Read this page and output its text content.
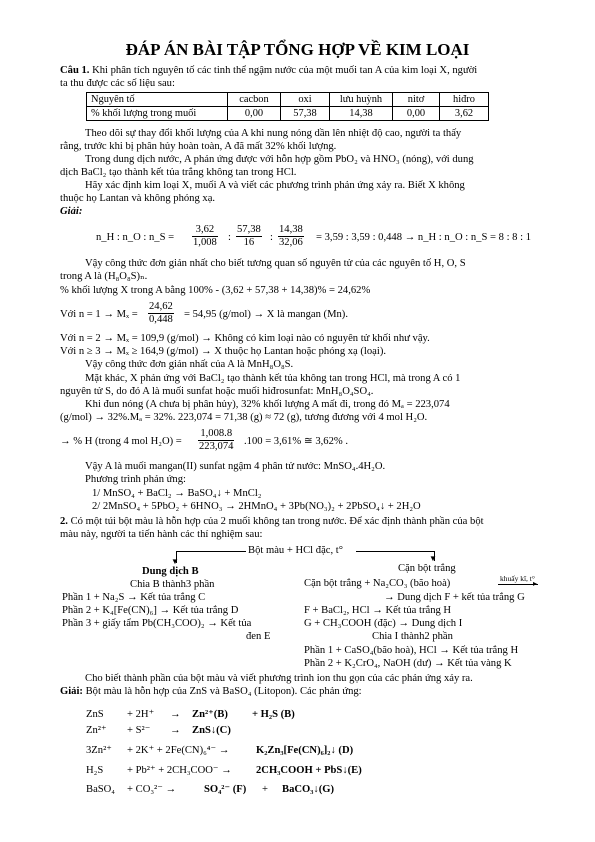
ĐÁP ÁN BÀI TẬP TỔNG HỢP VỀ KIM LOẠI
Câu 1. Khi phân tích nguyên tố các tinh thể ngậm nước của một muối tan A của kim loại X, người
ta thu được các số liệu sau:
Nguyên tố	cacbon	oxi	lưu huỳnh	nitơ	hiđro
% khối lượng trong muối	0,00	57,38	14,38	0,00	3,62
Theo dõi sự thay đổi khối lượng của A khi nung nóng dần lên nhiệt độ cao, người ta thấy
rằng, trước khi bị phân hủy hoàn toàn, A đã mất 32% khối lượng.
Trong dung dịch nước, A phản ứng được với hỗn hợp gồm PbO₂ và HNO₃ (nóng), với dung
dịch BaCl₂ tạo thành kết tủa trắng không tan trong HCl.
Hãy xác định kim loại X, muối A và viết các phương trình phản ứng xảy ra. Biết X không
thuộc họ Lantan và không phóng xạ.
Giải:
n_H : n_O : n_S = $\frac{3,62}{1,008}$ : $\frac{57,38}{16}$ : $\frac{14,38}{32,06} = 3,59$ : 3,59 : 0,448 → n_H : n_O : n_S = 8 : 8 : 1
Vậy công thức đơn giản nhất cho biết tương quan số nguyên tử của các nguyên tố H, O, S
trong A là (H₈O₈S)ₙ.
% khối lượng X trong A bằng 100% - (3,62 + 57,38 + 14,38)% = 24,62%
Với $n = 1 \to M_x = \frac{24,62}{0,448} = 54,95$ (g/mol) → X là mangan (Mn).
Với n = 2 → Mₓ = 109,9 (g/mol) → Không có kim loại nào có nguyên tử khối như vậy.
Với n ≥ 3 → Mₓ ≥ 164,9 (g/mol) → X thuộc họ Lantan hoặc phóng xạ (loại).
Vậy công thức đơn giản nhất của A là MnH₈O₈S.
Mặt khác, X phản ứng với BaCl₂ tạo thành kết tủa không tan trong HCl, mà trong A có 1
nguyên tử S, do đó A là muối sunfat hoặc muối hiđrosunfat: MnH₈O₄SO₄.
Khi đun nóng (A chưa bị phân hủy), 32% khối lượng A mất đi, trong đó Mₐ = 223,074
(g/mol) → 32%.Mₐ = 32%. 223,074 = 71,38 (g) ≈ 72 (g), tương đương với 4 mol H₂O.
→ % H (trong 4 mol $H_2O) = \frac{1,008.8}{223,074} .100 = 3,61\%$ ≅ 3,62% .
Vậy A là muối mangan(II) sunfat ngậm 4 phân tử nước: MnSO₄.4H₂O.
Phương trình phản ứng:
1/ MnSO₄ + BaCl₂ → BaSO₄↓ + MnCl₂
2/ 2MnSO₄ + 5PbO₂ + 6HNO₃ → 2HMnO₄ + 3Pb(NO₃)₂ + 2PbSO₄↓ + 2H₂O
2. Có một túi bột màu là hỗn hợp của 2 muối không tan trong nước. Để xác định thành phần của bột
màu này, người ta tiến hành các thí nghiệm sau:
Bột màu + HCl đặc, t°
▼	▼
Dung dịch B
Chia B thành3 phần
Phần 1 + Na₂S → Kết tủa trắng C
Phần 2 + K₄[Fe(CN)₆] → Kết tủa trắng D
Phần 3 + giấy tẩm Pb(CH₃COO)₂ → Kết tủa
đen E
Cặn bột trắng
Cặn bột trắng + Na₂CO₃ (bão hoà)	khuấy kĩ, t°
▸
→ Dung dịch F + kết tủa trắng G
F + BaCl₂, HCl → Kết tủa trắng H
G + CH₃COOH (đặc) → Dung dịch I
Chia I thành2 phần
Phần 1 + CaSO₄(bão hoà), HCl → Kết tủa trắng H
Phần 2 + K₂CrO₄, NaOH (dư) → Kết tủa vàng K
Cho biết thành phần của bột màu và viết phương trình ion thu gọn của các phản ứng xảy ra.
Giải: Bột màu là hỗn hợp của ZnS và BaSO₄ (Litopon). Các phản ứng:
ZnS + 2H⁺ → Zn²⁺(B) + H₂S (B)
Zn²⁺ + S²⁻ → ZnS↓(C)
3Zn²⁺ + 2K⁺ + 2Fe(CN)₆⁴⁻ →	K₂Zn₃[Fe(CN)₆]₂↓ (D)
H₂S + Pb²⁺ + 2CH₃COO⁻ → 2CH₃COOH + PbS↓(E)
BaSO₄ + CO₃²⁻ →	SO₄²⁻ (F) + BaCO₃↓(G)
